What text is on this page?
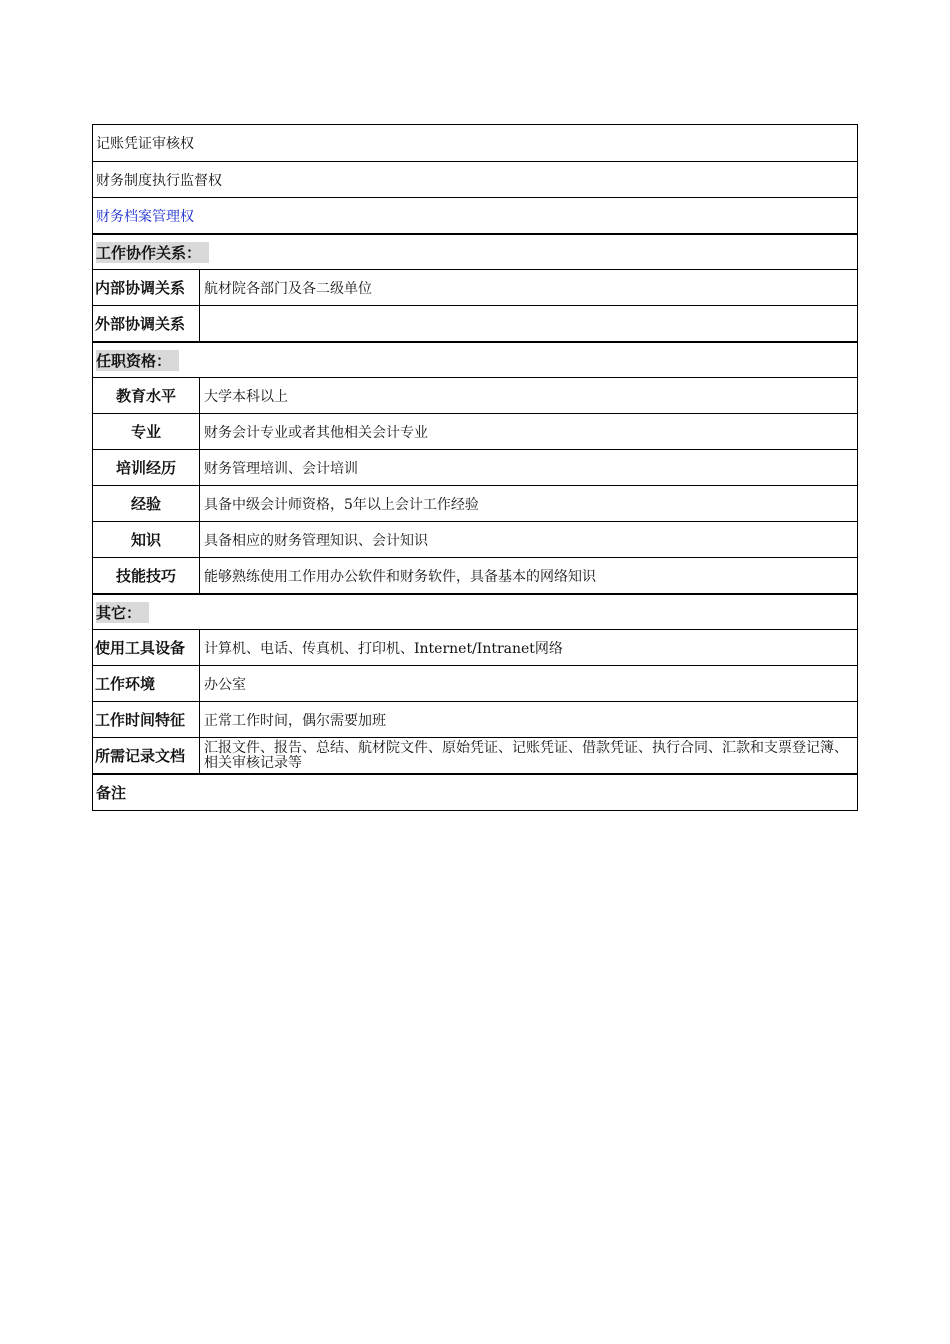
记账凭证审核权
财务制度执行监督权
财务档案管理权
工作协作关系：
内部协调关系	航材院各部门及各二级单位
外部协调关系
任职资格：
教育水平	大学本科以上
专业	财务会计专业或者其他相关会计专业
培训经历	财务管理培训、会计培训
经验	具备中级会计师资格，5年以上会计工作经验
知识	具备相应的财务管理知识、会计知识
技能技巧	能够熟练使用工作用办公软件和财务软件，具备基本的网络知识
其它：
使用工具设备	计算机、电话、传真机、打印机、Internet/Intranet网络
工作环境	办公室
工作时间特征	正常工作时间，偶尔需要加班
所需记录文档	汇报文件、报告、总结、航材院文件、原始凭证、记账凭证、借款凭证、执行合同、汇款和支票登记簿、相关审核记录等
备注
